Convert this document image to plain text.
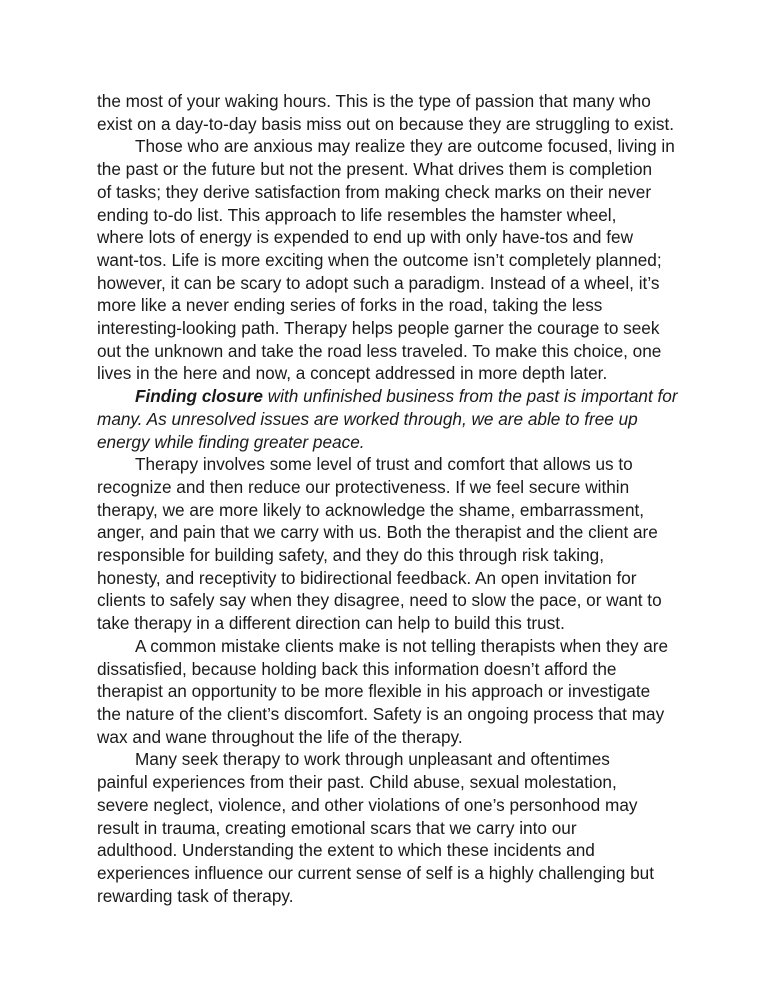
the most of your waking hours. This is the type of passion that many who
exist on a day-to-day basis miss out on because they are struggling to exist.
Those who are anxious may realize they are outcome focused, living in
the past or the future but not the present. What drives them is completion
of tasks; they derive satisfaction from making check marks on their never
ending to-do list. This approach to life resembles the hamster wheel,
where lots of energy is expended to end up with only have-tos and few
want-tos. Life is more exciting when the outcome isn’t completely planned;
however, it can be scary to adopt such a paradigm. Instead of a wheel, it’s
more like a never ending series of forks in the road, taking the less
interesting-looking path. Therapy helps people garner the courage to seek
out the unknown and take the road less traveled. To make this choice, one
lives in the here and now, a concept addressed in more depth later.
Finding closure with unfinished business from the past is important for
many. As unresolved issues are worked through, we are able to free up
energy while finding greater peace.
Therapy involves some level of trust and comfort that allows us to
recognize and then reduce our protectiveness. If we feel secure within
therapy, we are more likely to acknowledge the shame, embarrassment,
anger, and pain that we carry with us. Both the therapist and the client are
responsible for building safety, and they do this through risk taking,
honesty, and receptivity to bidirectional feedback. An open invitation for
clients to safely say when they disagree, need to slow the pace, or want to
take therapy in a different direction can help to build this trust.
A common mistake clients make is not telling therapists when they are
dissatisfied, because holding back this information doesn’t afford the
therapist an opportunity to be more flexible in his approach or investigate
the nature of the client’s discomfort. Safety is an ongoing process that may
wax and wane throughout the life of the therapy.
Many seek therapy to work through unpleasant and oftentimes
painful experiences from their past. Child abuse, sexual molestation,
severe neglect, violence, and other violations of one’s personhood may
result in trauma, creating emotional scars that we carry into our
adulthood. Understanding the extent to which these incidents and
experiences influence our current sense of self is a highly challenging but
rewarding task of therapy.
